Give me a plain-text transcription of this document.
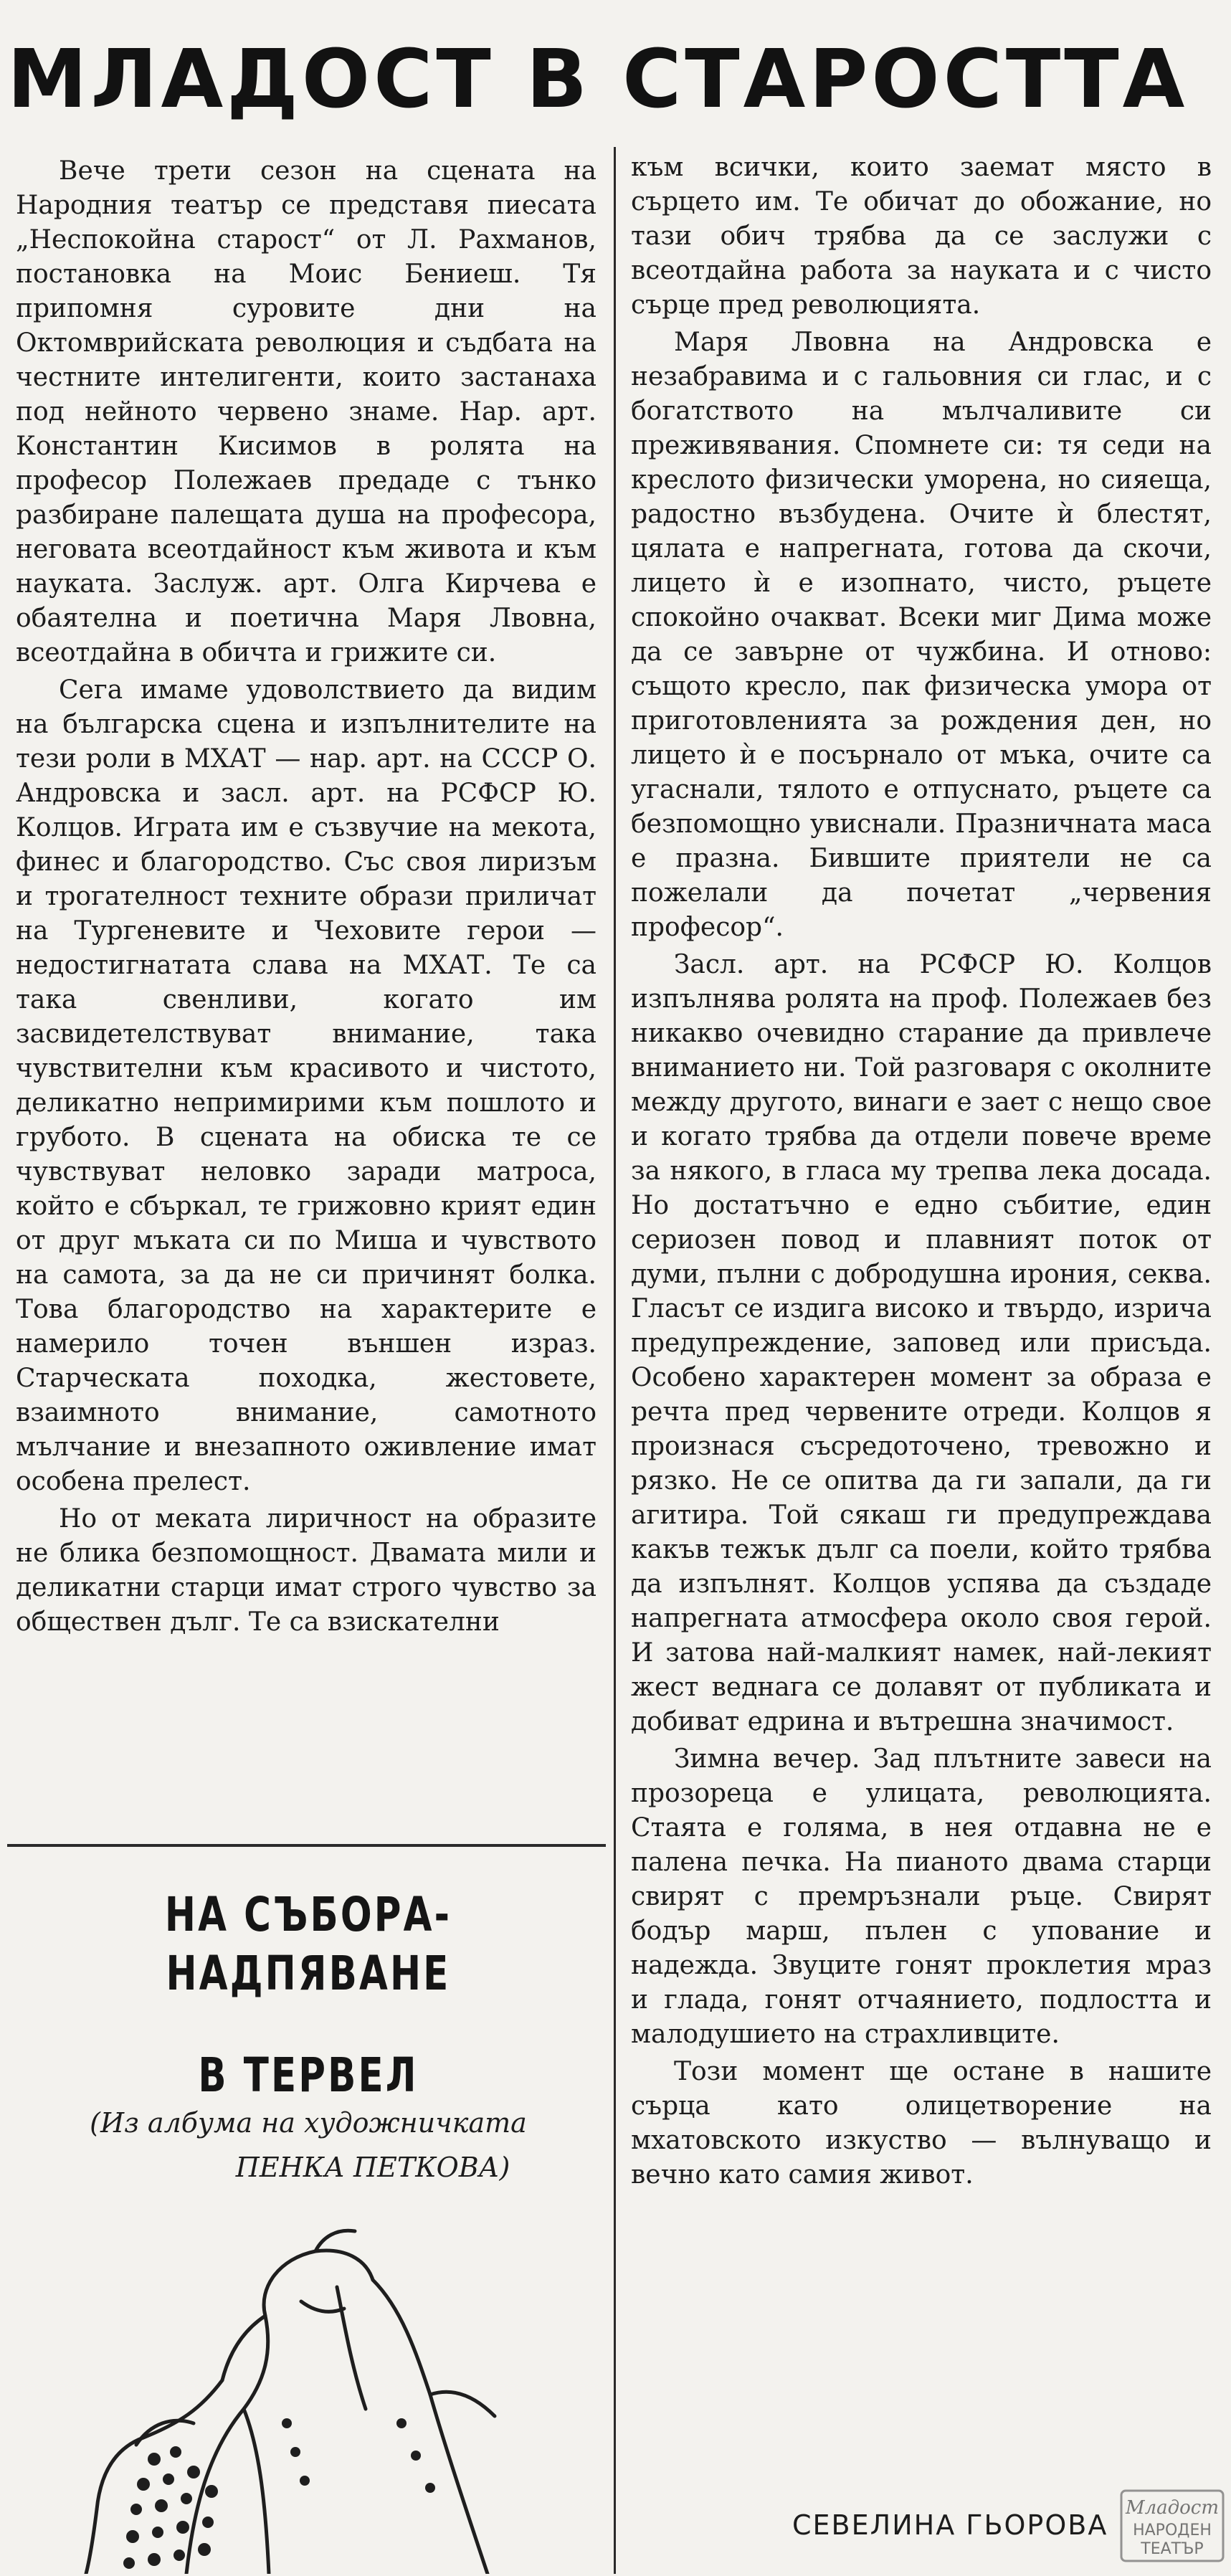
МЛАДОСТ В СТАРОСТТА

Вече трети сезон на сцената на Народния театър се представя пиесата „Неспокойна старост“ от Л. Рахманов, постановка на Моис Бениеш. Тя припомня суровите дни на Октомврийската революция и съдбата на честните интелигенти, които застанаха под нейното червено знаме. Нар. арт. Константин Кисимов в ролята на професор Полежаев предаде с тънко разбиране палещата душа на професора, неговата всеотдайност към живота и към науката. Заслуж. арт. Олга Кирчева е обаятелна и поетична Маря Лвовна, всеотдайна в обичта и грижите си.

Сега имаме удоволствието да видим на българска сцена и изпълнителите на тези роли в МХАТ — нар. арт. на СССР О. Андровска и засл. арт. на РСФСР Ю. Колцов. Играта им е съзвучие на мекота, финес и благородство. Със своя лиризъм и трогателност техните образи приличат на Тургеневите и Чеховите герои — недостигнатата слава на МХАТ. Те са така свенливи, когато им засвидетелствуват внимание, така чувствителни към красивото и чистото, деликатно непримирими към пошлото и грубото. В сцената на обиска те се чувствуват неловко заради матроса, който е сбъркал, те грижовно крият един от друг мъката си по Миша и чувството на самота, за да не си причинят болка. Това благородство на характерите е намерило точен външен израз. Старческата походка, жестовете, взаимното внимание, самотното мълчание и внезапното оживление имат особена прелест.

Но от меката лиричност на образите не блика безпомощност. Двамата мили и деликатни старци имат строго чувство за обществен дълг. Те са взискателни

към всички, които заемат място в сърцето им. Те обичат до обожание, но тази обич трябва да се заслужи с всеотдайна работа за науката и с чисто сърце пред революцията.

Маря Лвовна на Андровска е незабравима и с гальовния си глас, и с богатството на мълчаливите си преживявания. Спомнете си: тя седи на креслото физически уморена, но сияеща, радостно възбудена. Очите ѝ блестят, цялата е напрегната, готова да скочи, лицето ѝ е изопнато, чисто, ръцете спокойно очакват. Всеки миг Дима може да се завърне от чужбина. И отново: същото кресло, пак физическа умора от приготовленията за рождения ден, но лицето ѝ е посърнало от мъка, очите са угаснали, тялото е отпуснато, ръцете са безпомощно увиснали. Празничната маса е празна. Бившите приятели не са пожелали да почетат „червения професор“.

Засл. арт. на РСФСР Ю. Колцов изпълнява ролята на проф. Полежаев без никакво очевидно старание да привлече вниманието ни. Той разговаря с околните между другото, винаги е зает с нещо свое и когато трябва да отдели повече време за някого, в гласа му трепва лека досада. Но достатъчно е едно събитие, един сериозен повод и плавният поток от думи, пълни с добродушна ирония, секва. Гласът се издига високо и твърдо, изрича предупреждение, заповед или присъда. Особено характерен момент за образа е речта пред червените отреди. Колцов я произнася съсредоточено, тревожно и рязко. Не се опитва да ги запали, да ги агитира. Той сякаш ги предупреждава какъв тежък дълг са поели, който трябва да изпълнят. Колцов успява да създаде напрегната атмосфера около своя герой. И затова най-малкият намек, най-лекият жест веднага се долавят от публиката и добиват едрина и вътрешна значимост.

Зимна вечер. Зад плътните завеси на прозореца е улицата, революцията. Стаята е голяма, в нея отдавна не е палена печка. На пианото двама старци свирят с премръзнали ръце. Свирят бодър марш, пълен с упование и надежда. Звуците гонят проклетия мраз и глада, гонят отчаянието, подлостта и малодушието на страхливците.

Този момент ще остане в нашите сърца като олицетворение на мхатовското изкуство — вълнуващо и вечно като самия живот.

НА СЪБОРА-НАДПЯВАНЕ
В ТЕРВЕЛ
(Из албума на художничката
ПЕНКА ПЕТКОВА)
СЕВЕЛИНА ГЬОРОВА
Младост
НАРОДЕН
ТЕАТЪР
